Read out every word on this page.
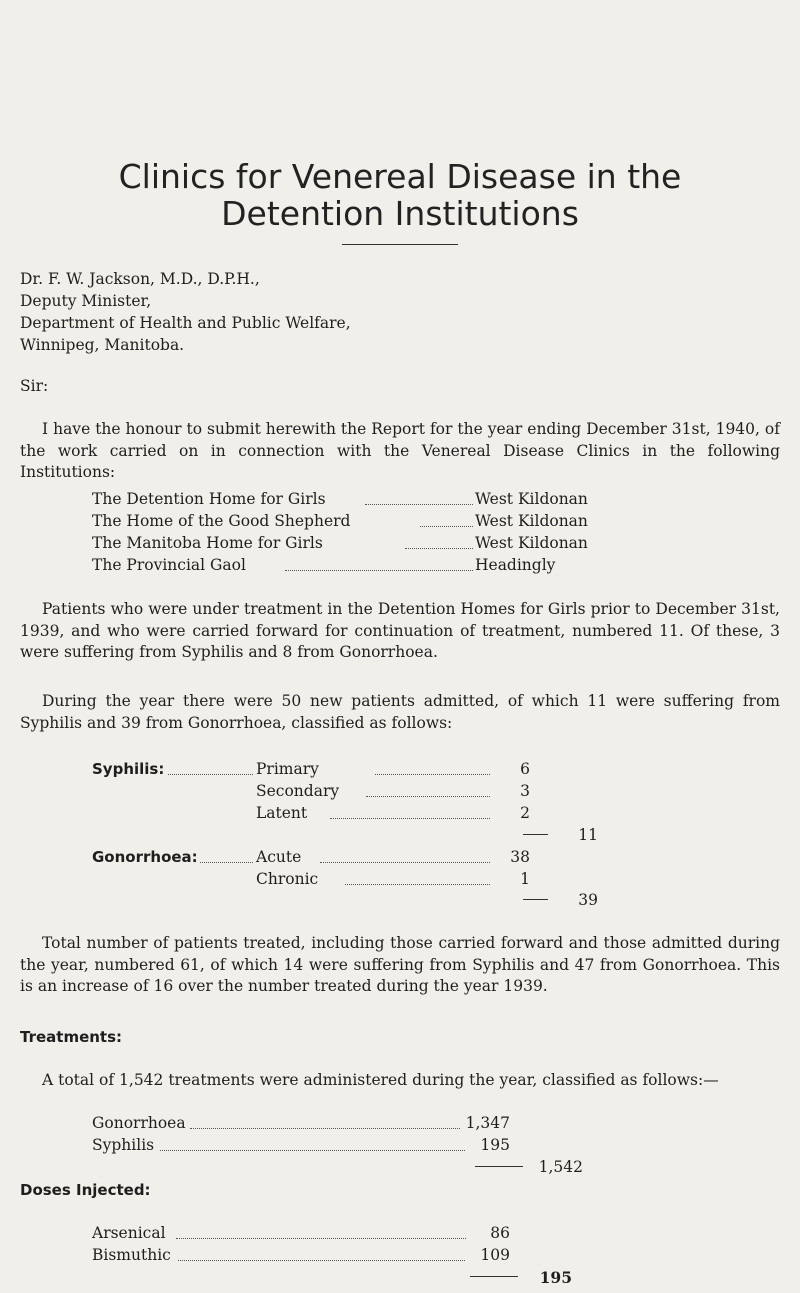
Clinics for Venereal Disease in the
Detention Institutions
Dr. F. W. Jackson, M.D., D.P.H.,
Deputy Minister,
Department of Health and Public Welfare,
Winnipeg, Manitoba.
Sir:

I have the honour to submit herewith the Report for the year ending December 31st, 1940, of the work carried on in connection with the Venereal Disease Clinics in the following Institutions:

The Detention Home for Girls	West Kildonan
The Home of the Good Shepherd	West Kildonan
The Manitoba Home for Girls	West Kildonan
The Provincial Gaol	Headingly

Patients who were under treatment in the Detention Homes for Girls prior to December 31st, 1939, and who were carried forward for continuation of treatment, numbered 11. Of these, 3 were suffering from Syphilis and 8 from Gonorrhoea.

During the year there were 50 new patients admitted, of which 11 were suffering from Syphilis and 39 from Gonorrhoea, classified as follows:

Syphilis:	Primary	6
Secondary	3
Latent	2
11
Gonorrhoea:	Acute	38
Chronic	1
39

Total number of patients treated, including those carried forward and those admitted during the year, numbered 61, of which 14 were suffering from Syphilis and 47 from Gonorrhoea. This is an increase of 16 over the number treated during the year 1939.

Treatments:

A total of 1,542 treatments were administered during the year, classified as follows:—

Gonorrhoea	1,347
Syphilis	195
1,542
Doses Injected:
Arsenical	86
Bismuthic	109
195
